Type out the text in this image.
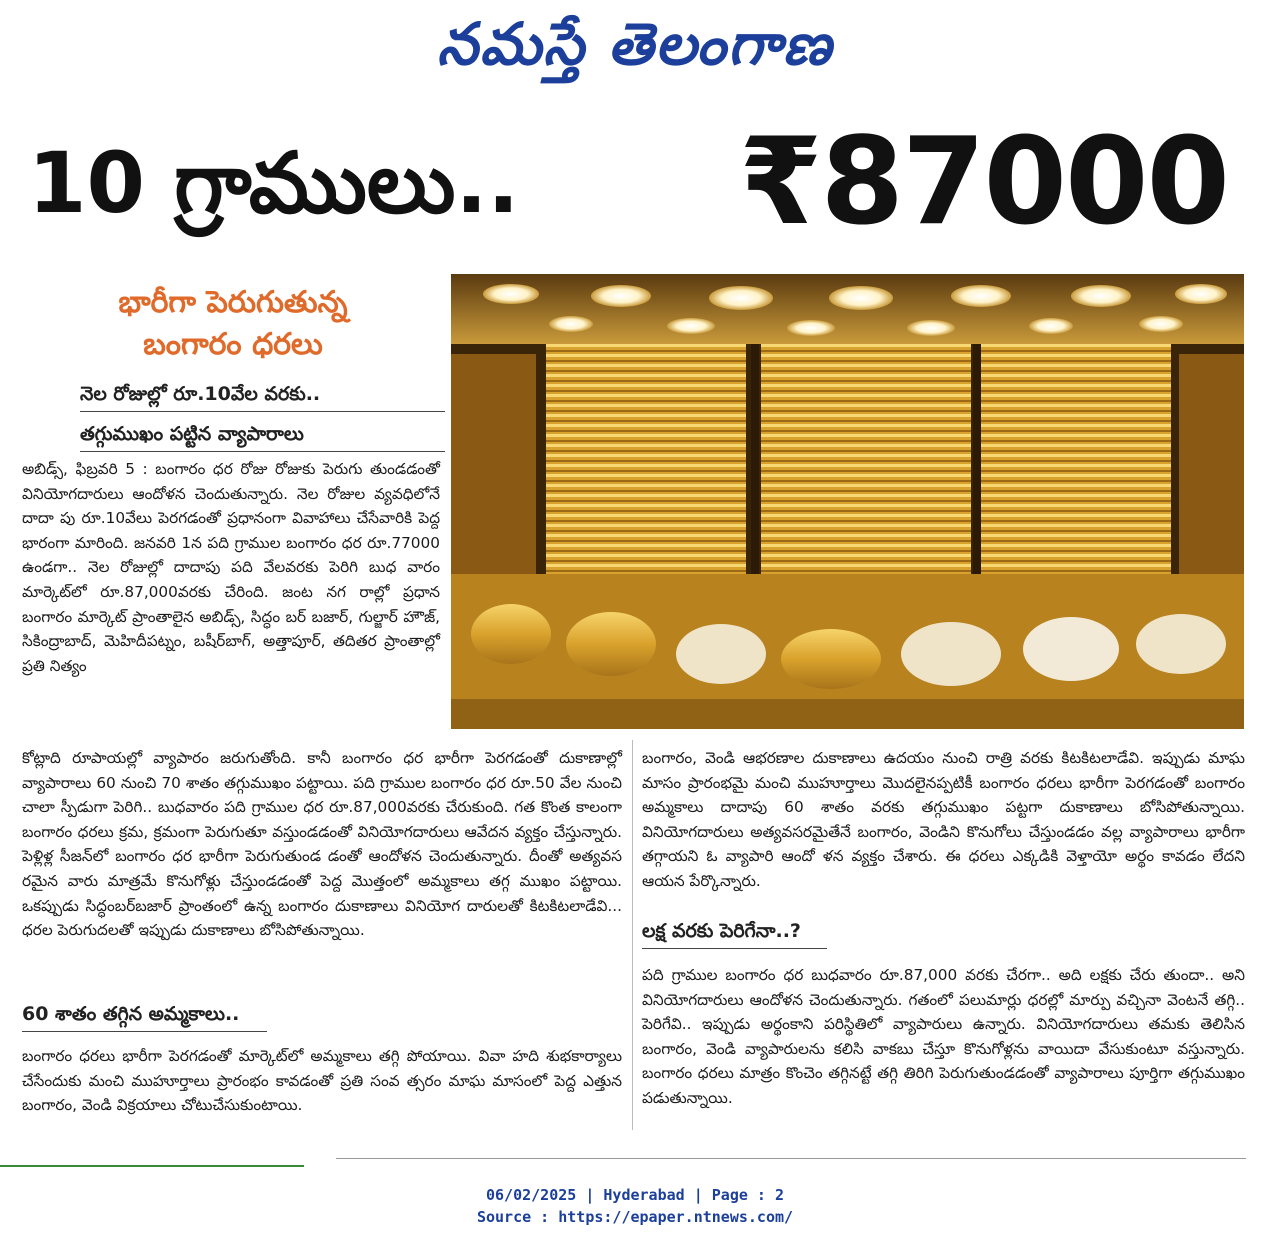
నమస్తే తెలంగాణ
10 గ్రాములు.. ₹87000
భారీగా పెరుగుతున్న
బంగారం ధరలు
నెల రోజుల్లో రూ.10వేల వరకు..
తగ్గుముఖం పట్టిన వ్యాపారాలు

అబిడ్స్, ఫిబ్రవరి 5 : బంగారం ధర రోజు రోజుకు పెరుగు తుండడంతో వినియోగదారులు ఆందోళన చెందుతున్నారు. నెల రోజుల వ్యవధిలోనే దాదా పు రూ.10వేలు పెరగడంతో ప్రధానంగా వివాహాలు చేసేవారికి పెద్ద భారంగా మారింది. జనవరి 1న పది గ్రాముల బంగారం ధర రూ.77000 ఉండగా.. నెల రోజుల్లో దాదాపు పది వేలవరకు పెరిగి బుధ వారం మార్కెట్‌లో రూ.87,000వరకు చేరింది. జంట నగ రాల్లో ప్రధాన బంగారం మార్కెట్ ప్రాంతాలైన అబిడ్స్, సిద్ధం బర్ బజార్, గుల్జార్ హౌజ్, సికింద్రాబాద్, మెహిదీపట్నం, బషీర్‌బాగ్, అత్తాపూర్, తదితర ప్రాంతాల్లో ప్రతి నిత్యం

కోట్లాది రూపాయల్లో వ్యాపారం జరుగుతోంది. కానీ బంగారం ధర భారీగా పెరగడంతో దుకాణాల్లో వ్యాపారాలు 60 నుంచి 70 శాతం తగ్గుముఖం పట్టాయి. పది గ్రాముల బంగారం ధర రూ.50 వేల నుంచి చాలా స్పీడుగా పెరిగి.. బుధవారం పది గ్రాముల ధర రూ.87,000వరకు చేరుకుంది. గత కొంత కాలంగా బంగారం ధరలు క్రమ, క్రమంగా పెరుగుతూ వస్తుండడంతో వినియోగదారులు ఆవేదన వ్యక్తం చేస్తున్నారు. పెళ్లిళ్ల సీజన్‌లో బంగారం ధర భారీగా పెరుగుతుండ డంతో ఆందోళన చెందుతున్నారు. దీంతో అత్యవస రమైన వారు మాత్రమే కొనుగోళ్లు చేస్తుండడంతో పెద్ద మొత్తంలో అమ్మకాలు తగ్గ ముఖం పట్టాయి. ఒకప్పుడు సిద్ధంబర్‌బజార్ ప్రాంతంలో ఉన్న బంగారం దుకాణాలు వినియోగ దారులతో కిటకిటలాడేవి... ధరల పెరుగుదలతో ఇప్పుడు దుకాణాలు బోసిపోతున్నాయి.

60 శాతం తగ్గిన అమ్మకాలు..

బంగారం ధరలు భారీగా పెరగడంతో మార్కెట్‌లో అమ్మకాలు తగ్గి పోయాయి. వివా హది శుభకార్యాలు చేసేందుకు మంచి ముహూర్తాలు ప్రారంభం కావడంతో ప్రతి సంవ త్సరం మాఘ మాసంలో పెద్ద ఎత్తున బంగారం, వెండి విక్రయాలు చోటుచేసుకుంటాయి.

బంగారం, వెండి ఆభరణాల దుకాణాలు ఉదయం నుంచి రాత్రి వరకు కిటకిటలాడేవి. ఇప్పుడు మాఘ మాసం ప్రారంభమై మంచి ముహూర్తాలు మొదలైనప్పటికీ బంగారం ధరలు భారీగా పెరగడంతో బంగారం అమ్మకాలు దాదాపు 60 శాతం వరకు తగ్గుముఖం పట్టగా దుకాణాలు బోసిపోతున్నాయి. వినియోగదారులు అత్యవసరమైతేనే బంగారం, వెండిని కొనుగోలు చేస్తుండడం వల్ల వ్యాపారాలు భారీగా తగ్గాయని ఓ వ్యాపారి ఆందో ళన వ్యక్తం చేశారు. ఈ ధరలు ఎక్కడికి వెళ్తాయో అర్థం కావడం లేదని ఆయన పేర్కొన్నారు.

లక్ష వరకు పెరిగేనా..?

పది గ్రాముల బంగారం ధర బుధవారం రూ.87,000 వరకు చేరగా.. అది లక్షకు చేరు తుందా.. అని వినియోగదారులు ఆందోళన చెందుతున్నారు. గతంలో పలుమార్లు ధరల్లో మార్పు వచ్చినా వెంటనే తగ్గి.. పెరిగేవి.. ఇప్పుడు అర్థంకాని పరిస్థితిలో వ్యాపారులు ఉన్నారు. వినియోగదారులు తమకు తెలిసిన బంగారం, వెండి వ్యాపారులను కలిసి వాకబు చేస్తూ కొనుగోళ్లను వాయిదా వేసుకుంటూ వస్తున్నారు. బంగారం ధరలు మాత్రం కొంచెం తగ్గినట్టే తగ్గి తిరిగి పెరుగుతుండడంతో వ్యాపారాలు పూర్తిగా తగ్గుముఖం పడుతున్నాయి.

06/02/2025 | Hyderabad | Page : 2
Source : https://epaper.ntnews.com/
